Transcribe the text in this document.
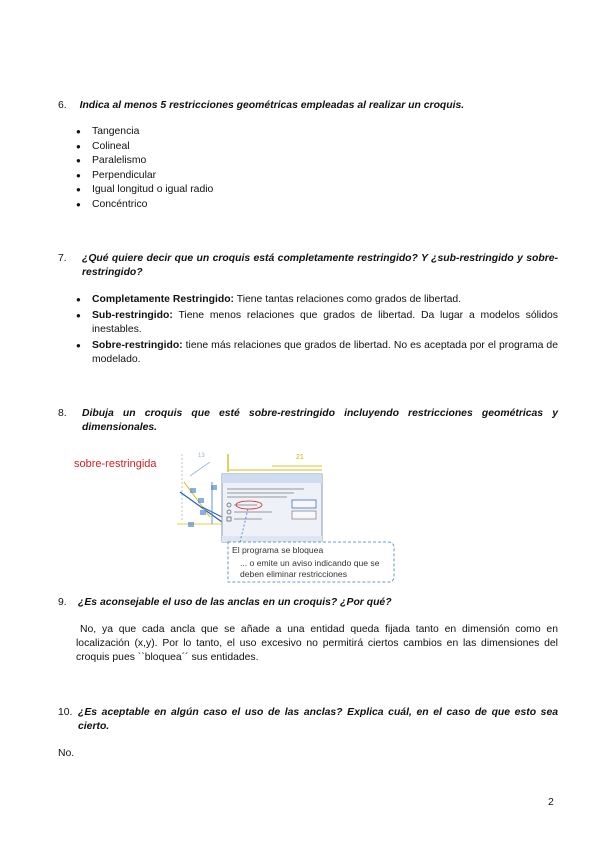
6. Indica al menos 5 restricciones geométricas empleadas al realizar un croquis.
● Tangencia
● Colineal
● Paralelismo
● Perpendicular
● Igual longitud o igual radio
● Concéntrico
7.	¿Qué quiere decir que un croquis está completamente restringido? Y ¿sub-restringido y sobre-restringido?
● Completamente Restringido: Tiene tantas relaciones como grados de libertad.
● Sub-restringido: Tiene menos relaciones que grados de libertad. Da lugar a modelos sólidos inestables.
● Sobre-restringido: tiene más relaciones que grados de libertad. No es aceptada por el programa de modelado.
8.	Dibuja un croquis que esté sobre-restringido incluyendo restricciones geométricas y dimensionales.
sobre-restringida
21
13
El programa se bloquea
... o emite un aviso indicando que se
deben eliminar restricciones
9.	¿Es aconsejable el uso de las anclas en un croquis? ¿Por qué?
No, ya que cada ancla que se añade a una entidad queda fijada tanto en dimensión como en localización (x,y). Por lo tanto, el uso excesivo no permitirá ciertos cambios en las dimensiones del croquis pues ``bloquea´´ sus entidades.
10. ¿Es aceptable en algún caso el uso de las anclas? Explica cuál, en el caso de que esto sea cierto.
No.
2
